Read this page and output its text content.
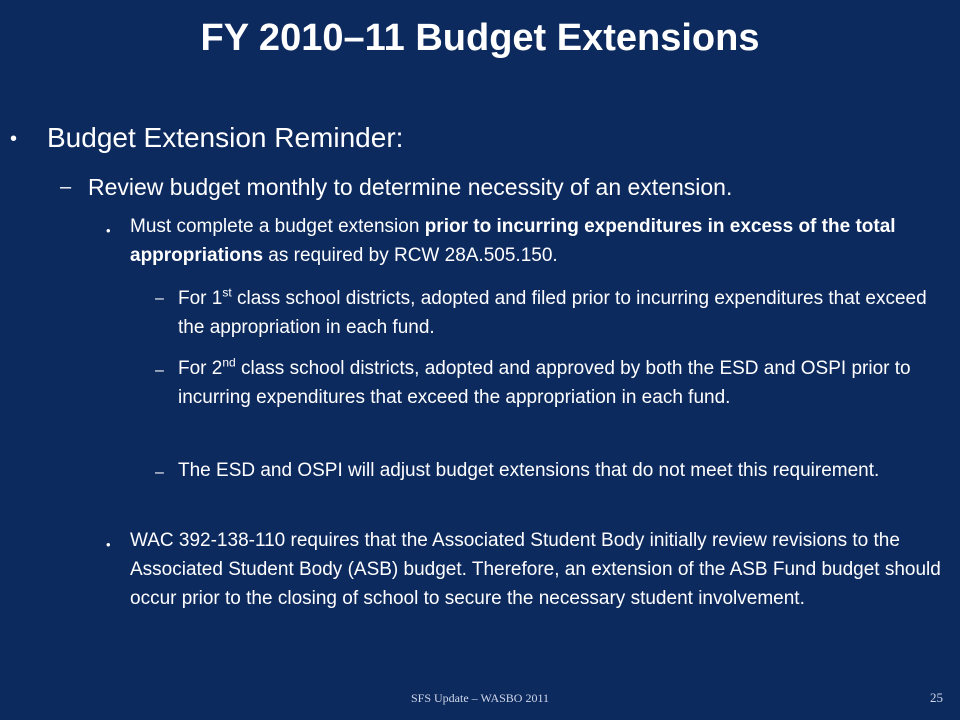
FY 2010–11 Budget Extensions
• Budget Extension Reminder:
– Review budget monthly to determine necessity of an extension.
• Must complete a budget extension prior to incurring expenditures in excess of the total appropriations as required by RCW 28A.505.150.
– For 1st class school districts, adopted and filed prior to incurring expenditures that exceed the appropriation in each fund.
– For 2nd class school districts, adopted and approved by both the ESD and OSPI prior to incurring expenditures that exceed the appropriation in each fund.
– The ESD and OSPI will adjust budget extensions that do not meet this requirement.
• WAC 392-138-110 requires that the Associated Student Body initially review revisions to the Associated Student Body (ASB) budget. Therefore, an extension of the ASB Fund budget should occur prior to the closing of school to secure the necessary student involvement.
SFS Update – WASBO 2011	25
